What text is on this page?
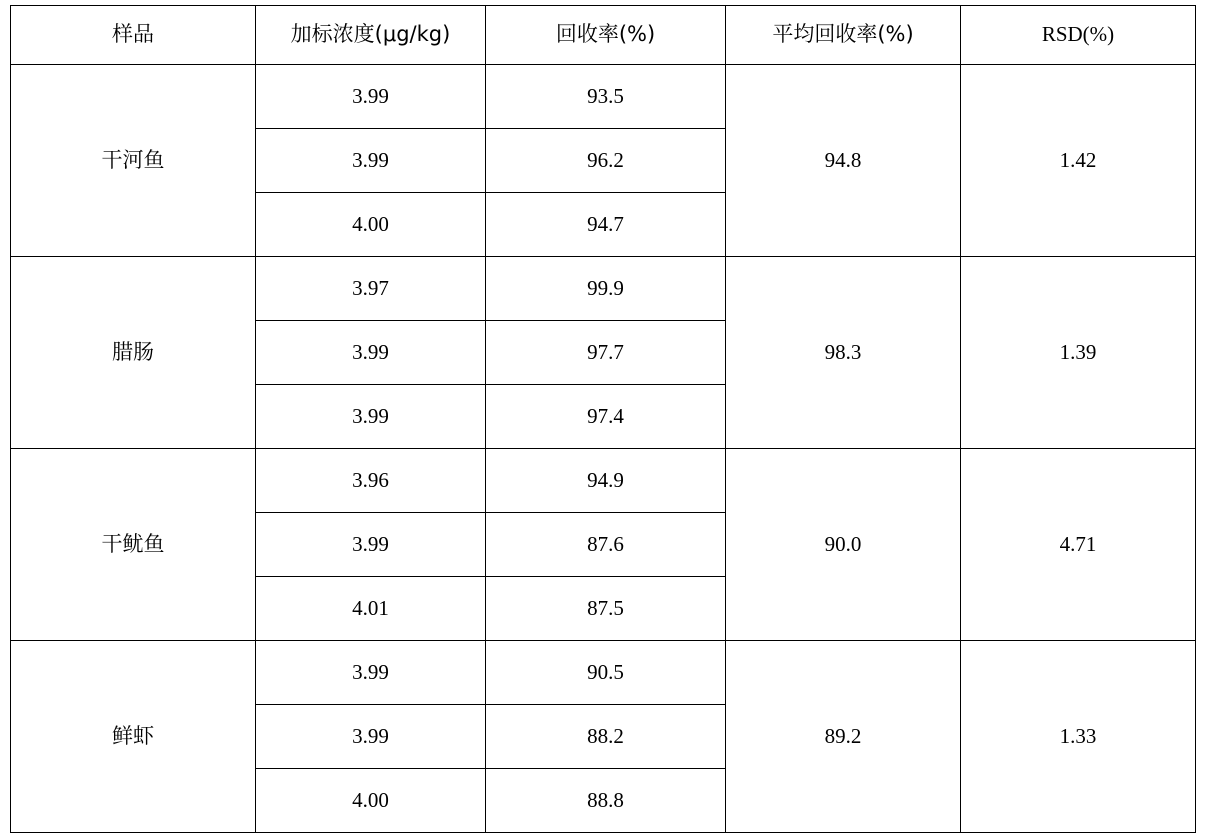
样品	加标浓度(μg/kg)	回收率(%)	平均回收率(%)	RSD(%)
干河鱼	3.99	93.5	94.8	1.42
	3.99	96.2		
	4.00	94.7		
腊肠	3.97	99.9	98.3	1.39
	3.99	97.7		
	3.99	97.4		
干鱿鱼	3.96	94.9	90.0	4.71
	3.99	87.6		
	4.01	87.5		
鲜虾	3.99	90.5	89.2	1.33
	3.99	88.2		
	4.00	88.8		
